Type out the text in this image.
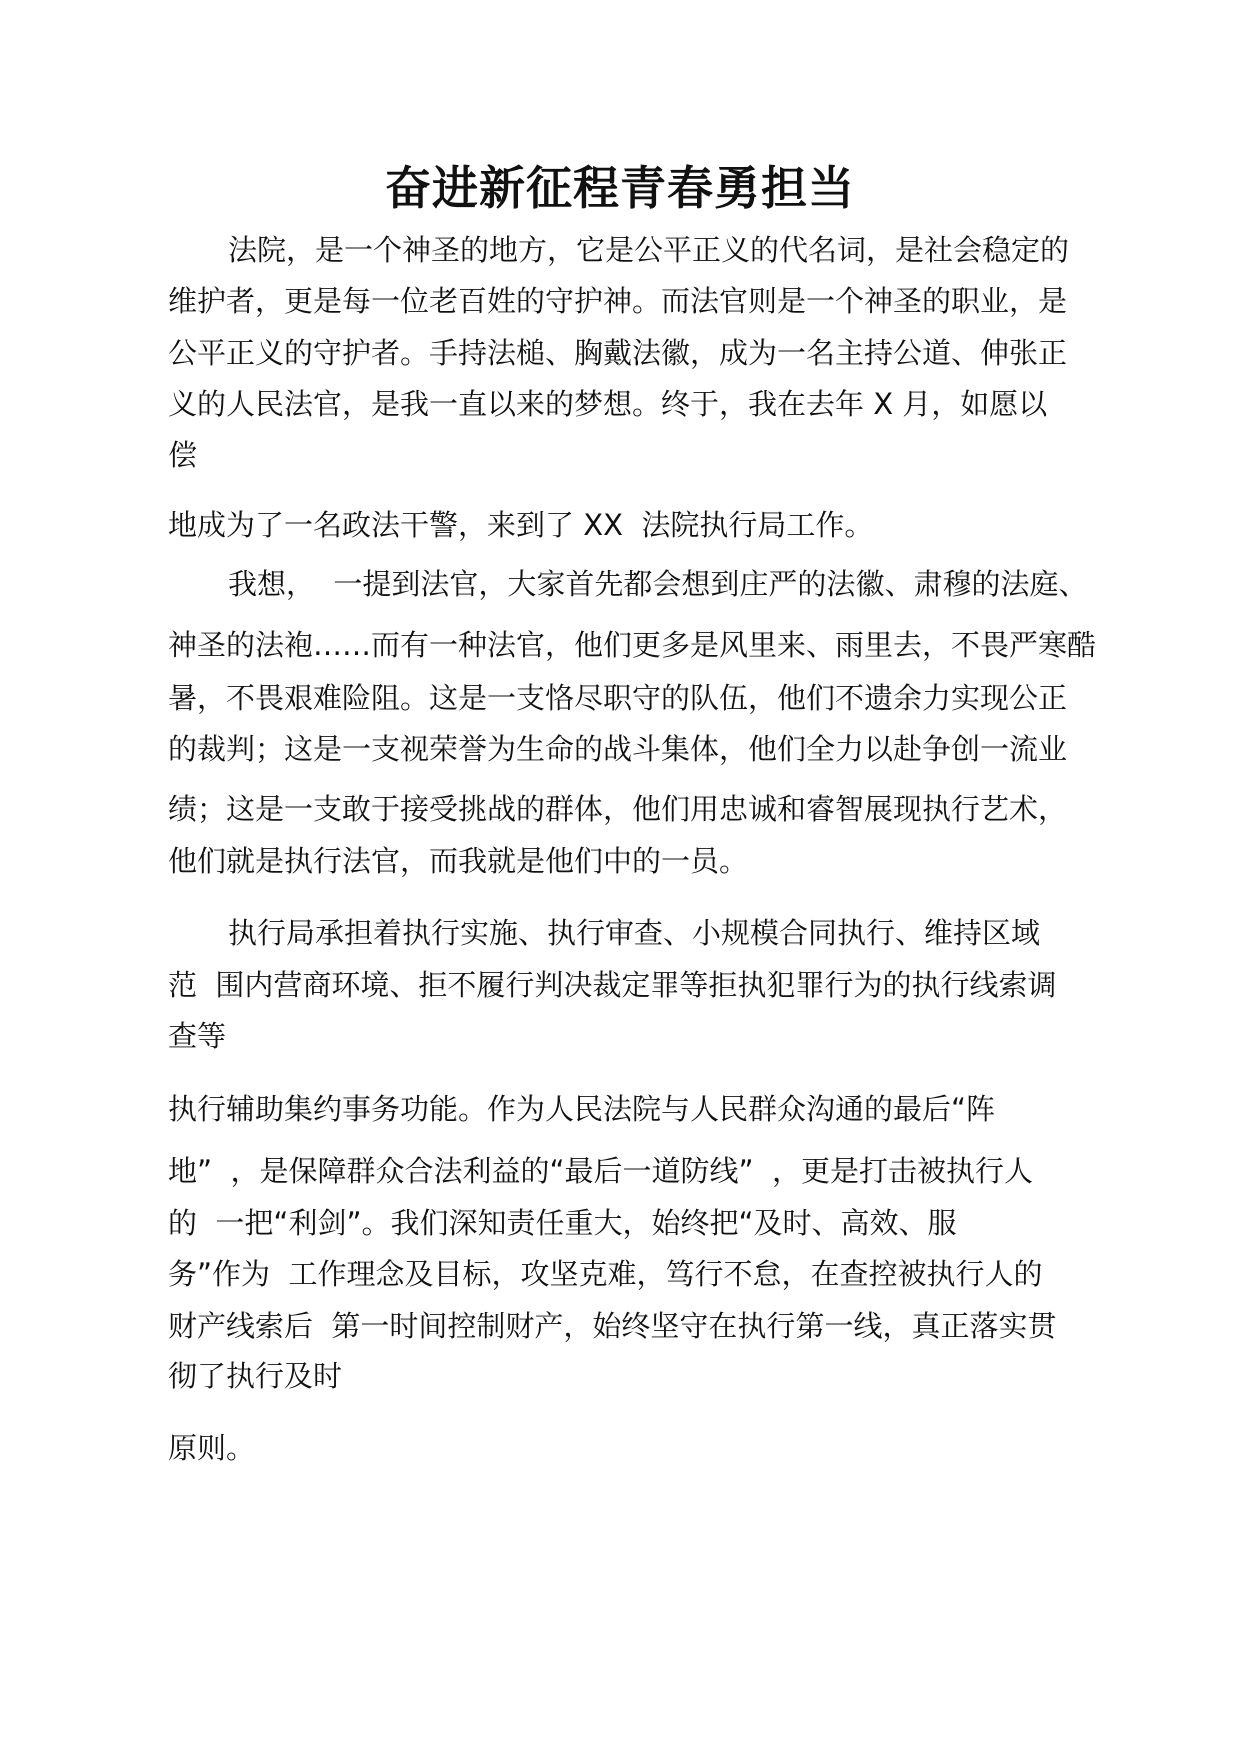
奋进新征程青春勇担当

法院，是一个神圣的地方，它是公平正义的代名词，是社会稳定的

维护者，更是每一位老百姓的守护神。而法官则是一个神圣的职业，是

公平正义的守护者。手持法槌、胸戴法徽，成为一名主持公道、伸张正

义的人民法官，是我一直以来的梦想。终于，我在去年 X 月，如愿以

偿

地成为了一名政法干警，来到了 XX  法院执行局工作。

我想，  一提到法官，大家首先都会想到庄严的法徽、肃穆的法庭、

神圣的法袍……而有一种法官，他们更多是风里来、雨里去，不畏严寒酷

暑，不畏艰难险阻。这是一支恪尽职守的队伍，他们不遗余力实现公正

的裁判；这是一支视荣誉为生命的战斗集体，他们全力以赴争创一流业

绩；这是一支敢于接受挑战的群体，他们用忠诚和睿智展现执行艺术，

他们就是执行法官，而我就是他们中的一员。

执行局承担着执行实施、执行审查、小规模合同执行、维持区域

范  围内营商环境、拒不履行判决裁定罪等拒执犯罪行为的执行线索调

查等

执行辅助集约事务功能。作为人民法院与人民群众沟通的最后“阵

地”  ，是保障群众合法利益的“最后一道防线”  ，更是打击被执行人

的  一把“利剑”。我们深知责任重大，始终把“及时、高效、服

务”作为  工作理念及目标，攻坚克难，笃行不怠，在查控被执行人的

财产线索后  第一时间控制财产，始终坚守在执行第一线，真正落实贯

彻了执行及时

原则。
